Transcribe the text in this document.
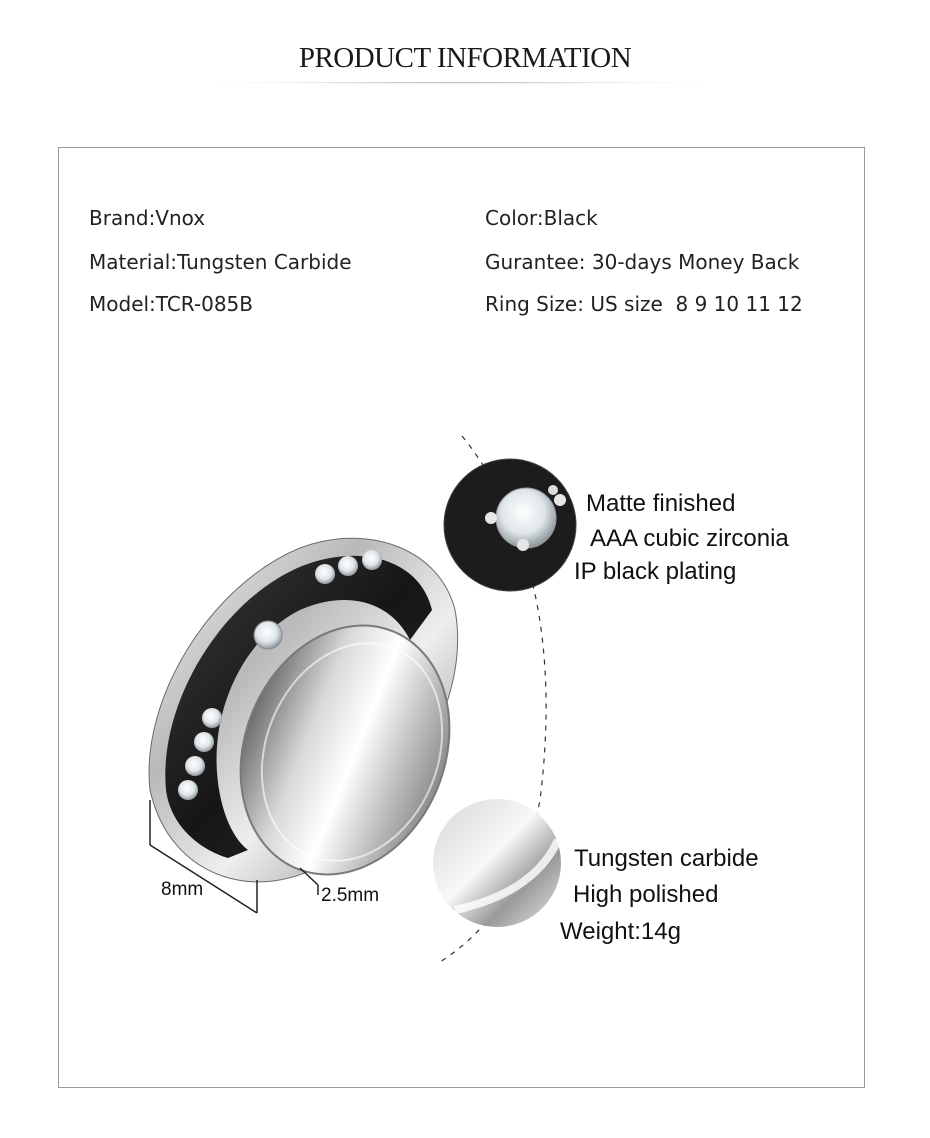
PRODUCT INFORMATION
Brand:Vnox
Material:Tungsten Carbide
Model:TCR-085B
Color:Black
Gurantee: 30-days Money Back
Ring Size: US size  8 9 10 11 12
Matte finished
AAA cubic zirconia
IP black plating
Tungsten carbide
High polished
Weight:14g
8mm	2.5mm
